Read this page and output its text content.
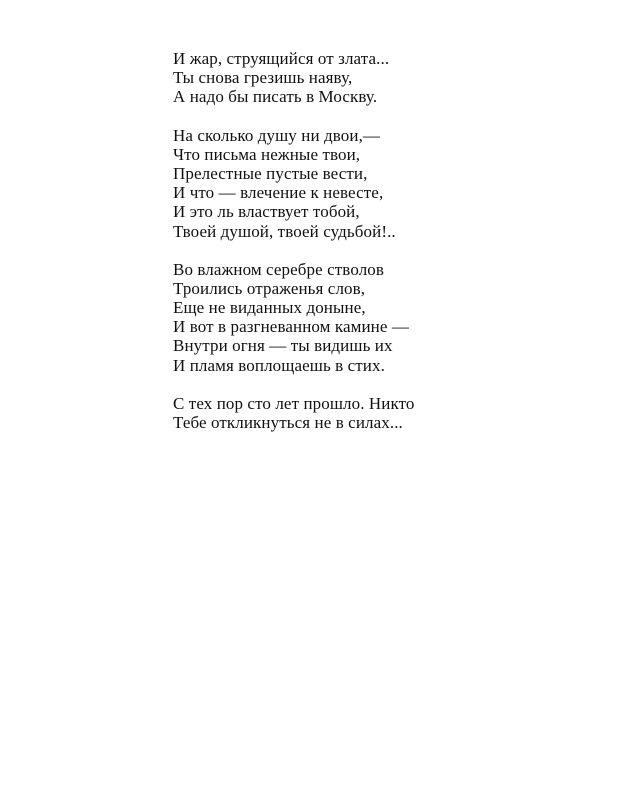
И жар, струящийся от злата...
Ты снова грезишь наяву,
А надо бы писать в Москву.
На сколько душу ни двои,—
Что письма нежные твои,
Прелестные пустые вести,
И что — влечение к невесте,
И это ль властвует тобой,
Твоей душой, твоей судьбой!..
Во влажном серебре стволов
Троились отраженья слов,
Еще не виданных доныне,
И вот в разгневанном камине —
Внутри огня — ты видишь их
И пламя воплощаешь в стих.
С тех пор сто лет прошло. Никто
Тебе откликнуться не в силах...
